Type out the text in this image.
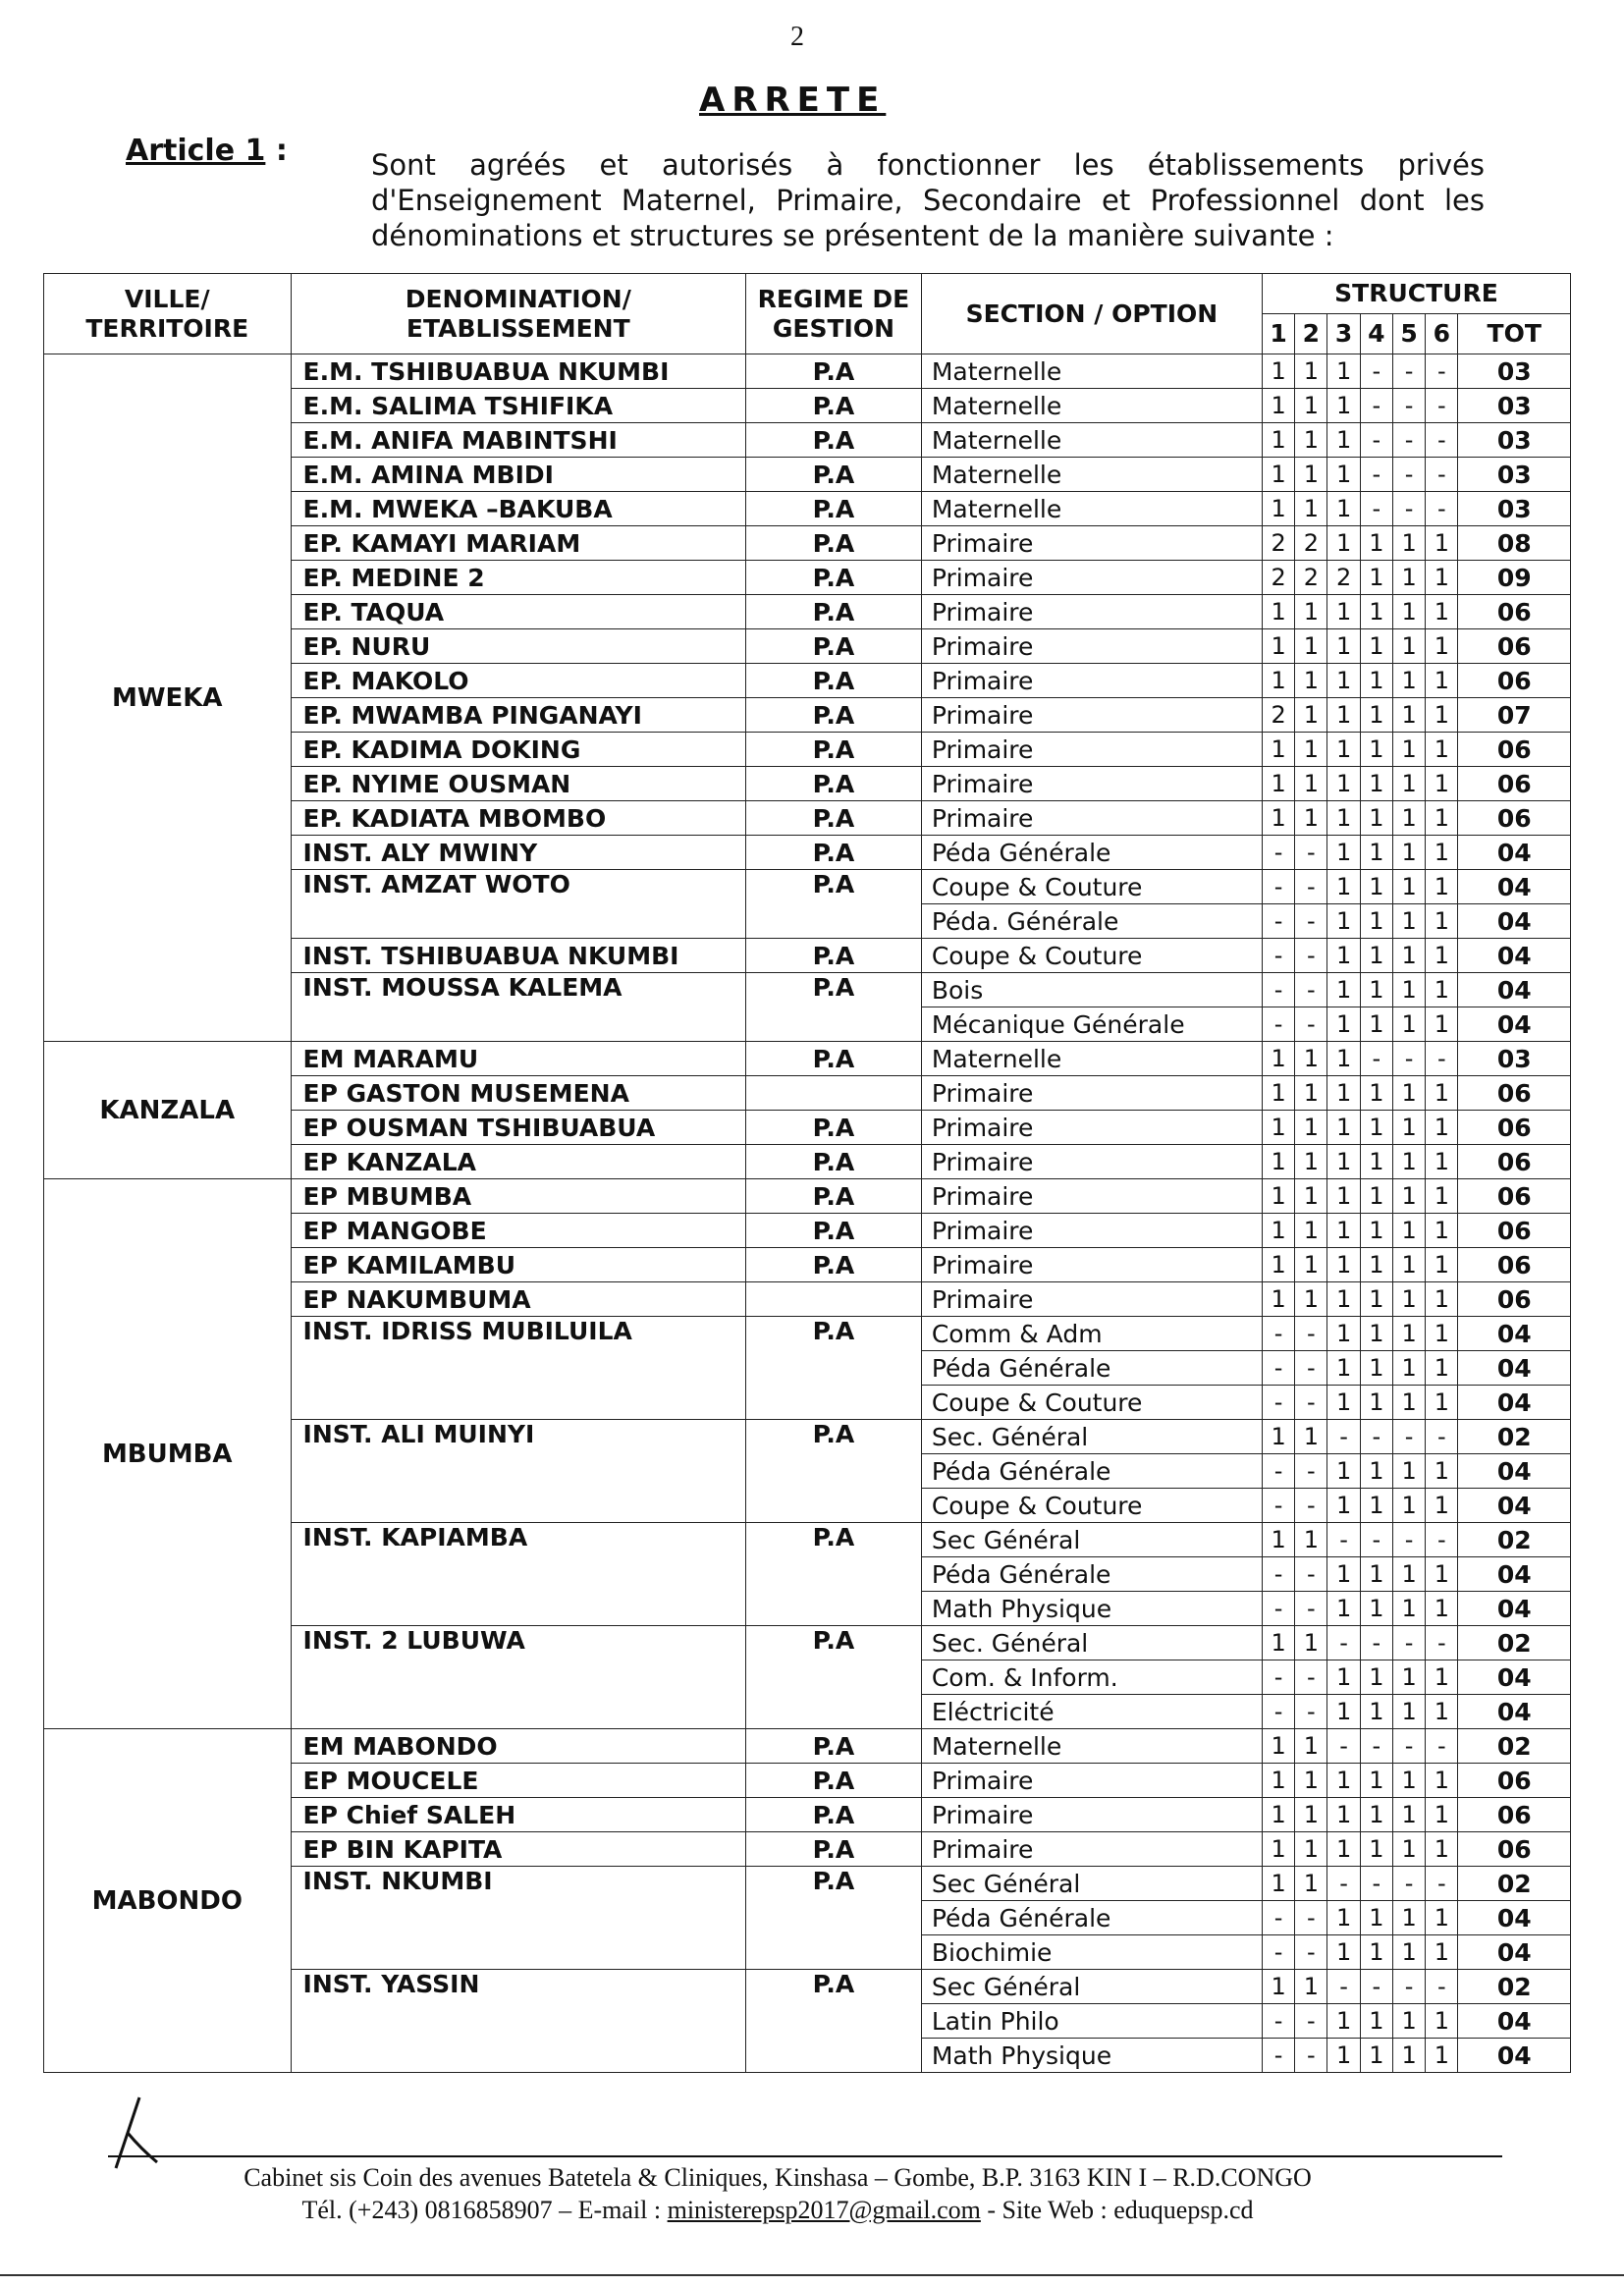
2
ARRETE
Article 1 :	Sont agréés et autorisés à fonctionner les établissements privés d'Enseignement Maternel, Primaire, Secondaire et Professionnel dont les dénominations et structures se présentent de la manière suivante :
VILLE/ TERRITOIRE	DENOMINATION/ ETABLISSEMENT	REGIME DE GESTION	SECTION / OPTION	STRUCTURE						
				1	2	3	4	5	6	TOT
MWEKA	E.M. TSHIBUABUA NKUMBI	P.A	Maternelle	1	1	1	-	-	-	03
	E.M. SALIMA TSHIFIKA	P.A	Maternelle	1	1	1	-	-	-	03
	E.M. ANIFA MABINTSHI	P.A	Maternelle	1	1	1	-	-	-	03
	E.M. AMINA MBIDI	P.A	Maternelle	1	1	1	-	-	-	03
	E.M. MWEKA –BAKUBA	P.A	Maternelle	1	1	1	-	-	-	03
	EP. KAMAYI MARIAM	P.A	Primaire	2	2	1	1	1	1	08
	EP. MEDINE 2	P.A	Primaire	2	2	2	1	1	1	09
	EP. TAQUA	P.A	Primaire	1	1	1	1	1	1	06
	EP. NURU	P.A	Primaire	1	1	1	1	1	1	06
	EP. MAKOLO	P.A	Primaire	1	1	1	1	1	1	06
	EP. MWAMBA PINGANAYI	P.A	Primaire	2	1	1	1	1	1	07
	EP. KADIMA DOKING	P.A	Primaire	1	1	1	1	1	1	06
	EP. NYIME OUSMAN	P.A	Primaire	1	1	1	1	1	1	06
	EP. KADIATA MBOMBO	P.A	Primaire	1	1	1	1	1	1	06
	INST. ALY MWINY	P.A	Péda Générale	-	-	1	1	1	1	04
	INST. AMZAT WOTO	P.A	Coupe & Couture	-	-	1	1	1	1	04
			Péda. Générale	-	-	1	1	1	1	04
	INST. TSHIBUABUA NKUMBI	P.A	Coupe & Couture	-	-	1	1	1	1	04
	INST. MOUSSA KALEMA	P.A	Bois	-	-	1	1	1	1	04
			Mécanique Générale	-	-	1	1	1	1	04
KANZALA	EM MARAMU	P.A	Maternelle	1	1	1	-	-	-	03
	EP GASTON MUSEMENA		Primaire	1	1	1	1	1	1	06
	EP OUSMAN TSHIBUABUA	P.A	Primaire	1	1	1	1	1	1	06
	EP KANZALA	P.A	Primaire	1	1	1	1	1	1	06
MBUMBA	EP MBUMBA	P.A	Primaire	1	1	1	1	1	1	06
	EP MANGOBE	P.A	Primaire	1	1	1	1	1	1	06
	EP KAMILAMBU	P.A	Primaire	1	1	1	1	1	1	06
	EP NAKUMBUMA		Primaire	1	1	1	1	1	1	06
	INST. IDRISS MUBILUILA	P.A	Comm & Adm	-	-	1	1	1	1	04
			Péda Générale	-	-	1	1	1	1	04
			Coupe & Couture	-	-	1	1	1	1	04
	INST. ALI MUINYI	P.A	Sec. Général	1	1	-	-	-	-	02
			Péda Générale	-	-	1	1	1	1	04
			Coupe & Couture	-	-	1	1	1	1	04
	INST. KAPIAMBA	P.A	Sec Général	1	1	-	-	-	-	02
			Péda Générale	-	-	1	1	1	1	04
			Math Physique	-	-	1	1	1	1	04
	INST. 2 LUBUWA	P.A	Sec. Général	1	1	-	-	-	-	02
			Com. & Inform.	-	-	1	1	1	1	04
			Eléctricité	-	-	1	1	1	1	04
MABONDO	EM MABONDO	P.A	Maternelle	1	1	-	-	-	-	02
	EP MOUCELE	P.A	Primaire	1	1	1	1	1	1	06
	EP Chief SALEH	P.A	Primaire	1	1	1	1	1	1	06
	EP BIN KAPITA	P.A	Primaire	1	1	1	1	1	1	06
	INST. NKUMBI	P.A	Sec Général	1	1	-	-	-	-	02
			Péda Générale	-	-	1	1	1	1	04
			Biochimie	-	-	1	1	1	1	04
	INST. YASSIN	P.A	Sec Général	1	1	-	-	-	-	02
			Latin Philo	-	-	1	1	1	1	04
			Math Physique	-	-	1	1	1	1	04
Cabinet sis Coin des avenues Batetela & Cliniques, Kinshasa – Gombe, B.P. 3163 KIN I – R.D.CONGO
Tél. (+243) 0816858907 – E-mail : ministerepsp2017@gmail.com - Site Web : eduquepsp.cd
